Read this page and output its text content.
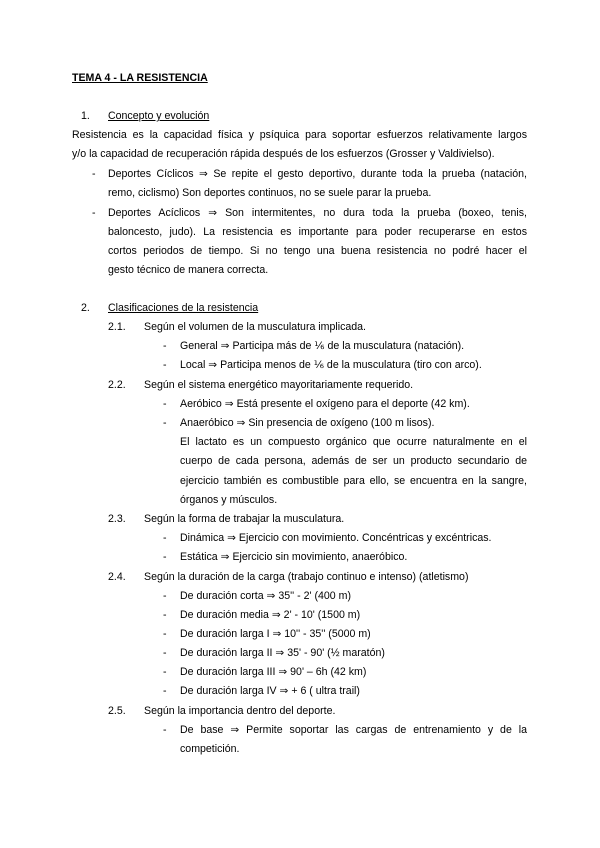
TEMA 4 - LA RESISTENCIA
1. Concepto y evolución
Resistencia es la capacidad física y psíquica para soportar esfuerzos relativamente largos
y/o la capacidad de recuperación rápida después de los esfuerzos (Grosser y Valdivielso).
- Deportes Cíclicos ⇒ Se repite el gesto deportivo, durante toda la prueba (natación,
remo, ciclismo) Son deportes continuos, no se suele parar la prueba.
- Deportes Acíclicos ⇒ Son intermitentes, no dura toda la prueba (boxeo, tenis,
baloncesto, judo). La resistencia es importante para poder recuperarse en estos
cortos periodos de tiempo. Si no tengo una buena resistencia no podré hacer el
gesto técnico de manera correcta.
2. Clasificaciones de la resistencia
2.1. Según el volumen de la musculatura implicada.
- General ⇒ Participa más de ⅙ de la musculatura (natación).
- Local ⇒ Participa menos de ⅙ de la musculatura (tiro con arco).
2.2. Según el sistema energético mayoritariamente requerido.
- Aeróbico ⇒ Está presente el oxígeno para el deporte (42 km).
- Anaeróbico ⇒ Sin presencia de oxígeno (100 m lisos).
El lactato es un compuesto orgánico que ocurre naturalmente en el
cuerpo de cada persona, además de ser un producto secundario de
ejercicio también es combustible para ello, se encuentra en la sangre,
órganos y músculos.
2.3. Según la forma de trabajar la musculatura.
- Dinámica ⇒ Ejercicio con movimiento. Concéntricas y excéntricas.
- Estática ⇒ Ejercicio sin movimiento, anaeróbico.
2.4. Según la duración de la carga (trabajo continuo e intenso) (atletismo)
- De duración corta ⇒ 35'' - 2' (400 m)
- De duración media ⇒ 2' - 10' (1500 m)
- De duración larga I ⇒ 10'' - 35'' (5000 m)
- De duración larga II ⇒ 35' - 90' (½ maratón)
- De duración larga III ⇒ 90' – 6h (42 km)
- De duración larga IV ⇒ + 6 ( ultra trail)
2.5. Según la importancia dentro del deporte.
- De base ⇒ Permite soportar las cargas de entrenamiento y de la
competición.
